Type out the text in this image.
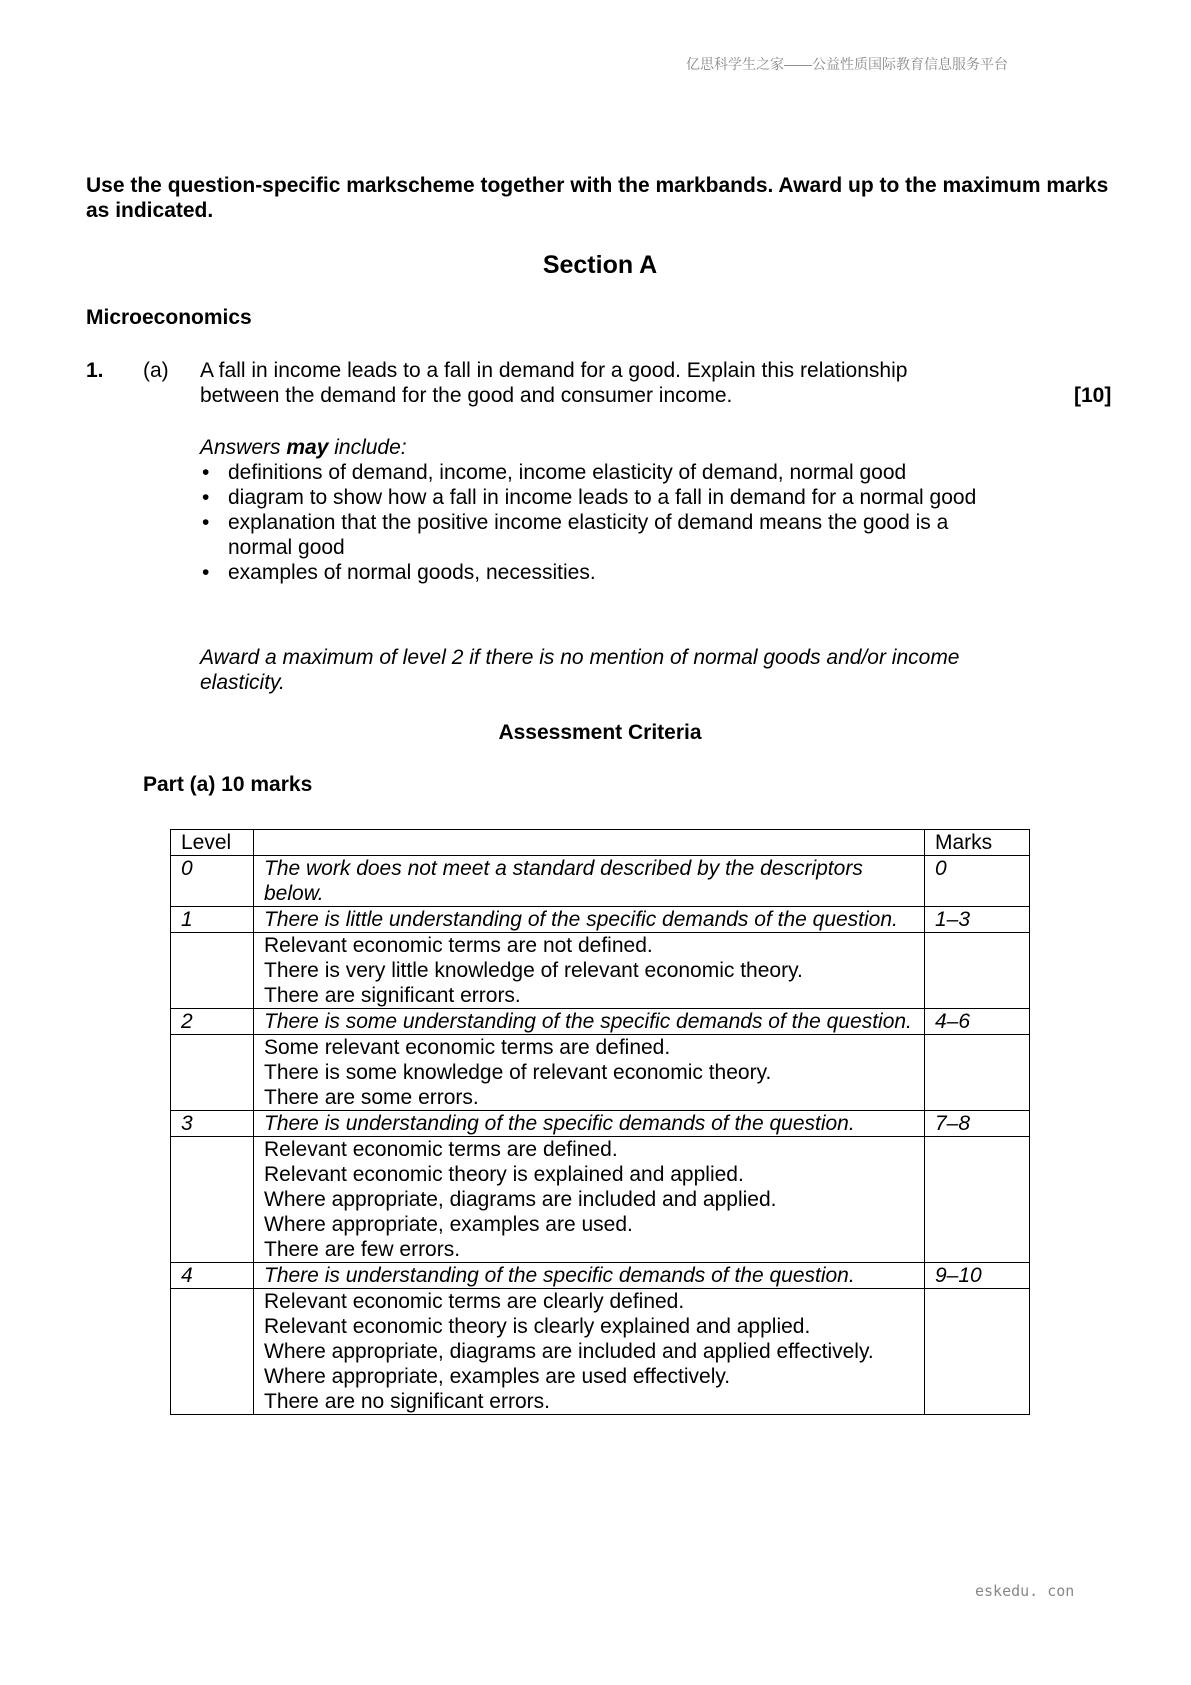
亿思科学生之家——公益性质国际教育信息服务平台
Use the question-specific markscheme together with the markbands. Award up to the maximum marks as indicated.
Section A
Microeconomics
1. (a) A fall in income leads to a fall in demand for a good. Explain this relationship between the demand for the good and consumer income.	[10]
Answers may include:
• definitions of demand, income, income elasticity of demand, normal good
• diagram to show how a fall in income leads to a fall in demand for a normal good
• explanation that the positive income elasticity of demand means the good is a normal good
• examples of normal goods, necessities.
Award a maximum of level 2 if there is no mention of normal goods and/or income elasticity.
Assessment Criteria
Part (a) 10 marks
Level		Marks
0	The work does not meet a standard described by the descriptors below.	0
1	There is little understanding of the specific demands of the question.	1–3

	Relevant economic terms are not defined.
There is very little knowledge of relevant economic theory.
There are significant errors.	

2	There is some understanding of the specific demands of the question.	4–6

	Some relevant economic terms are defined.
There is some knowledge of relevant economic theory.
There are some errors.	

3	There is understanding of the specific demands of the question.	7–8

	Relevant economic terms are defined.
Relevant economic theory is explained and applied.
Where appropriate, diagrams are included and applied.
Where appropriate, examples are used.
There are few errors.	

4	There is understanding of the specific demands of the question.	9–10

	Relevant economic terms are clearly defined.
Relevant economic theory is clearly explained and applied.
Where appropriate, diagrams are included and applied effectively.
Where appropriate, examples are used effectively.
There are no significant errors.	

eskedu. con
